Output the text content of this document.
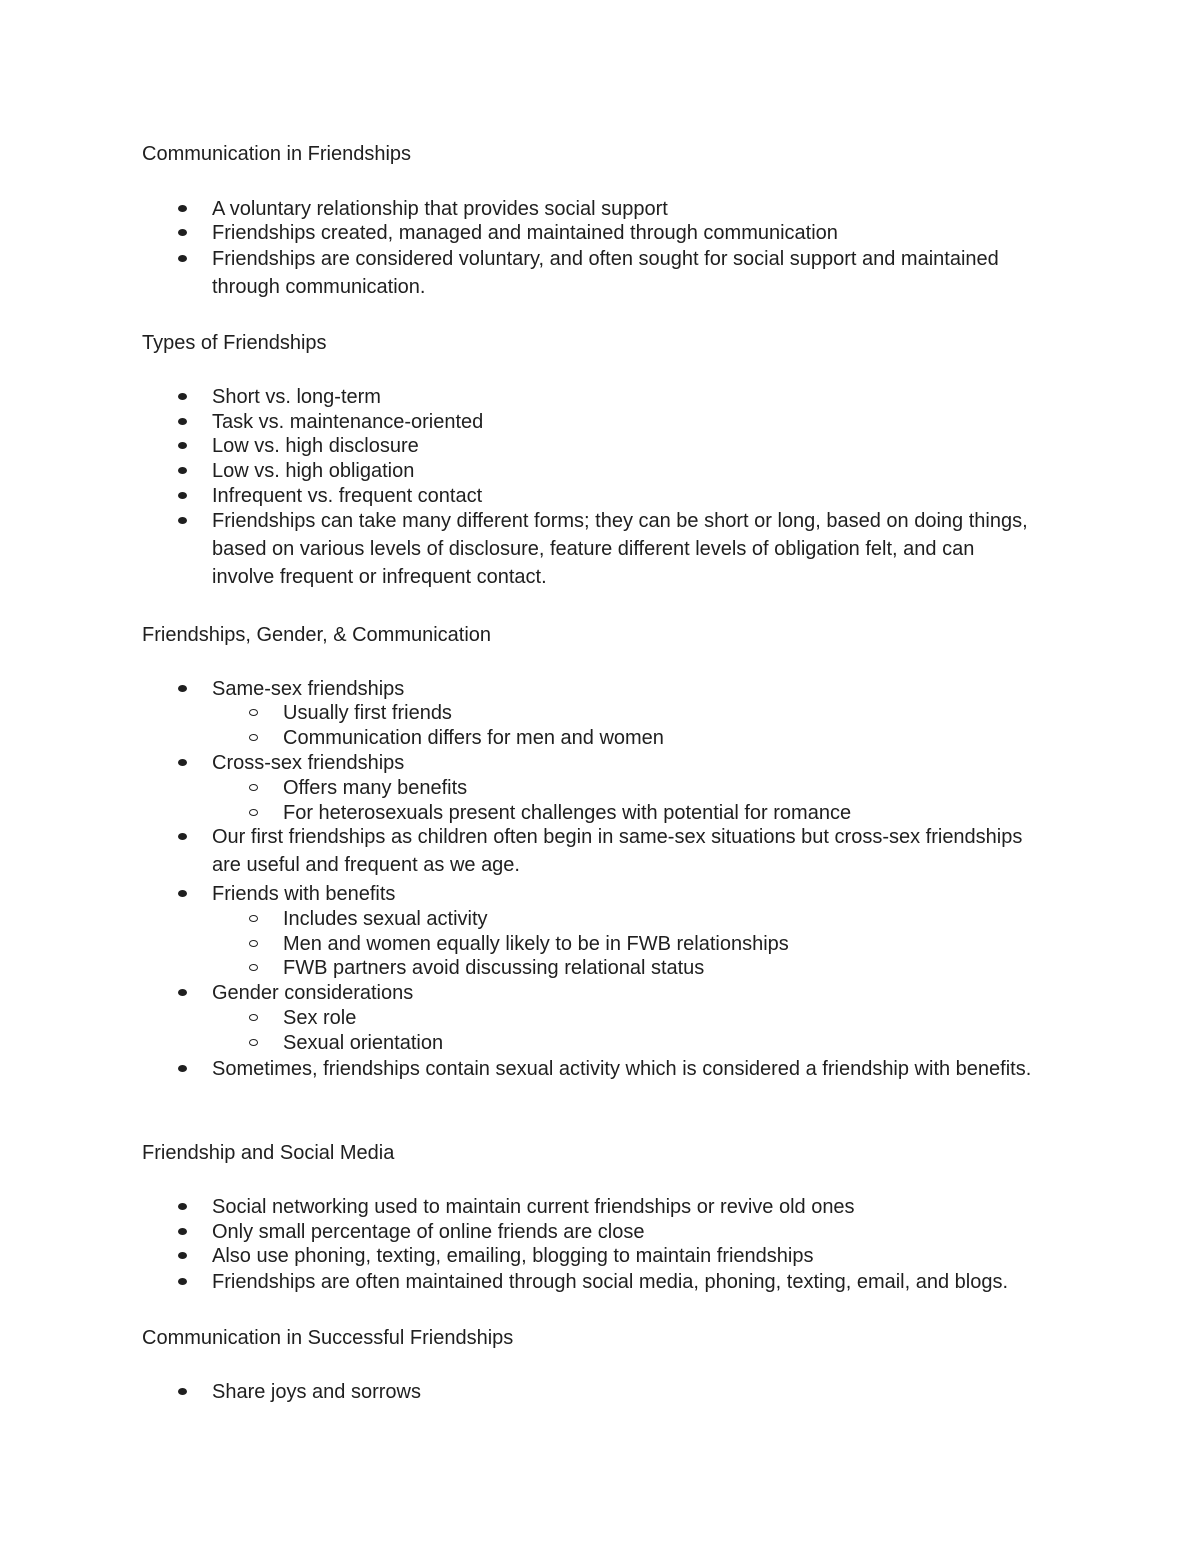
Communication in Friendships
A voluntary relationship that provides social support
Friendships created, managed and maintained through communication
Friendships are considered voluntary, and often sought for social support and maintained through communication.
Types of Friendships
Short vs. long-term
Task vs. maintenance-oriented
Low vs. high disclosure
Low vs. high obligation
Infrequent vs. frequent contact
Friendships can take many different forms; they can be short or long, based on doing things, based on various levels of disclosure, feature different levels of obligation felt, and can involve frequent or infrequent contact.
Friendships, Gender, & Communication
Same-sex friendships
Usually first friends
Communication differs for men and women
Cross-sex friendships
Offers many benefits
For heterosexuals present challenges with potential for romance
Our first friendships as children often begin in same-sex situations but cross-sex friendships are useful and frequent as we age.
Friends with benefits
Includes sexual activity
Men and women equally likely to be in FWB relationships
FWB partners avoid discussing relational status
Gender considerations
Sex role
Sexual orientation
Sometimes, friendships contain sexual activity which is considered a friendship with benefits.
Friendship and Social Media
Social networking used to maintain current friendships or revive old ones
Only small percentage of online friends are close
Also use phoning, texting, emailing, blogging to maintain friendships
Friendships are often maintained through social media, phoning, texting, email, and blogs.
Communication in Successful Friendships
Share joys and sorrows
